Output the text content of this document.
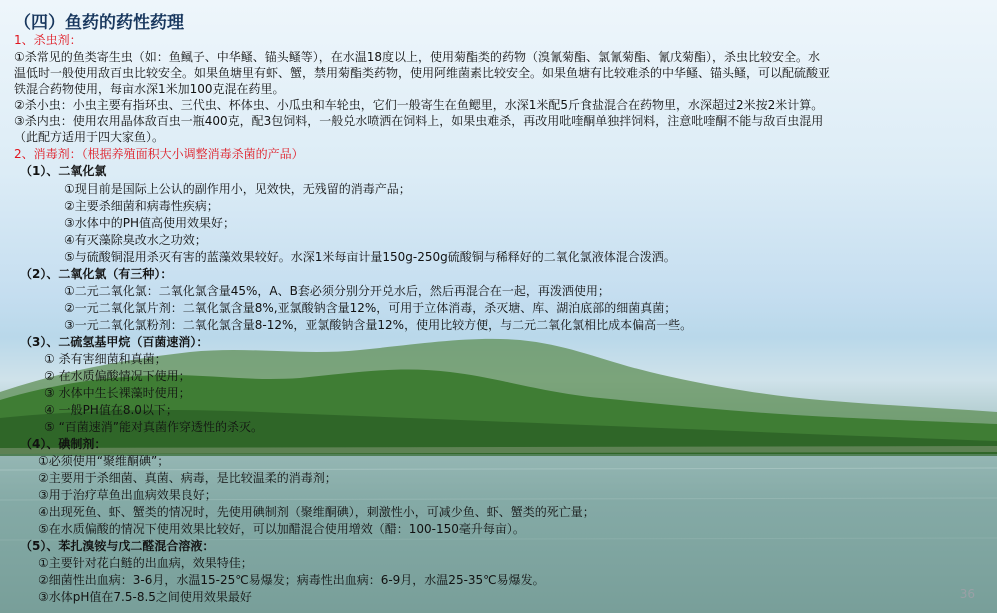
（四）鱼药的药性药理
1、杀虫剂：
①杀常见的鱼类寄生虫（如：鱼鲺子、中华鳋、锚头鳋等），在水温18度以上，使用菊酯类的药物（溴氰菊酯、氯氰菊酯、氰戊菊酯），杀虫比较安全。水
温低时一般使用敌百虫比较安全。如果鱼塘里有虾、蟹，禁用菊酯类药物，使用阿维菌素比较安全。如果鱼塘有比较难杀的中华鳋、锚头鳋，可以配硫酸亚
铁混合药物使用，每亩水深1米加100克混在药里。
②杀小虫：小虫主要有指环虫、三代虫、杯体虫、小瓜虫和车轮虫，它们一般寄生在鱼鳃里，水深1米配5斤食盐混合在药物里，水深超过2米按2米计算。
③杀内虫：使用农用晶体敌百虫一瓶400克，配3包饲料，一般兑水喷洒在饲料上，如果虫难杀，再改用吡喹酮单独拌饲料，注意吡喹酮不能与敌百虫混用
（此配方适用于四大家鱼）。
2、消毒剂：（根据养殖面积大小调整消毒杀菌的产品）
（1）、二氧化氯
①现目前是国际上公认的副作用小，见效快，无残留的消毒产品；
②主要杀细菌和病毒性疾病；
③水体中的PH值高使用效果好；
④有灭藻除臭改水之功效；
⑤与硫酸铜混用杀灭有害的蓝藻效果较好。水深1米每亩计量150g-250g硫酸铜与稀释好的二氧化氯液体混合泼洒。
（2）、二氧化氯（有三种）：
①二元二氧化氯：二氧化氯含量45%，A、B套必须分别分开兑水后，然后再混合在一起，再泼洒使用；
②一元二氧化氯片剂：二氧化氯含量8%,亚氯酸钠含量12%，可用于立体消毒，杀灭塘、库、湖泊底部的细菌真菌；
③一元二氧化氯粉剂：二氧化氯含量8-12%，亚氯酸钠含量12%，使用比较方便，与二元二氧化氯相比成本偏高一些。
（3）、二硫氢基甲烷（百菌速消）：
① 杀有害细菌和真菌；
② 在水质偏酸情况下使用；
③ 水体中生长裸藻时使用；
④ 一般PH值在8.0以下；
⑤ “百菌速消”能对真菌作穿透性的杀灭。
（4）、碘制剂：
①必须使用“聚维酮碘”；
②主要用于杀细菌、真菌、病毒，是比较温柔的消毒剂；
③用于治疗草鱼出血病效果良好；
④出现死鱼、虾、蟹类的情况时，先使用碘制剂（聚维酮碘），刺激性小，可减少鱼、虾、蟹类的死亡量；
⑤在水质偏酸的情况下使用效果比较好，可以加醋混合使用增效（醋：100-150毫升每亩）。
（5）、苯扎溴铵与戊二醛混合溶液：
①主要针对花白鲢的出血病，效果特佳；
②细菌性出血病：3-6月，水温15-25℃易爆发；病毒性出血病：6-9月，水温25-35℃易爆发。
③水体pH值在7.5-8.5之间使用效果最好	36
